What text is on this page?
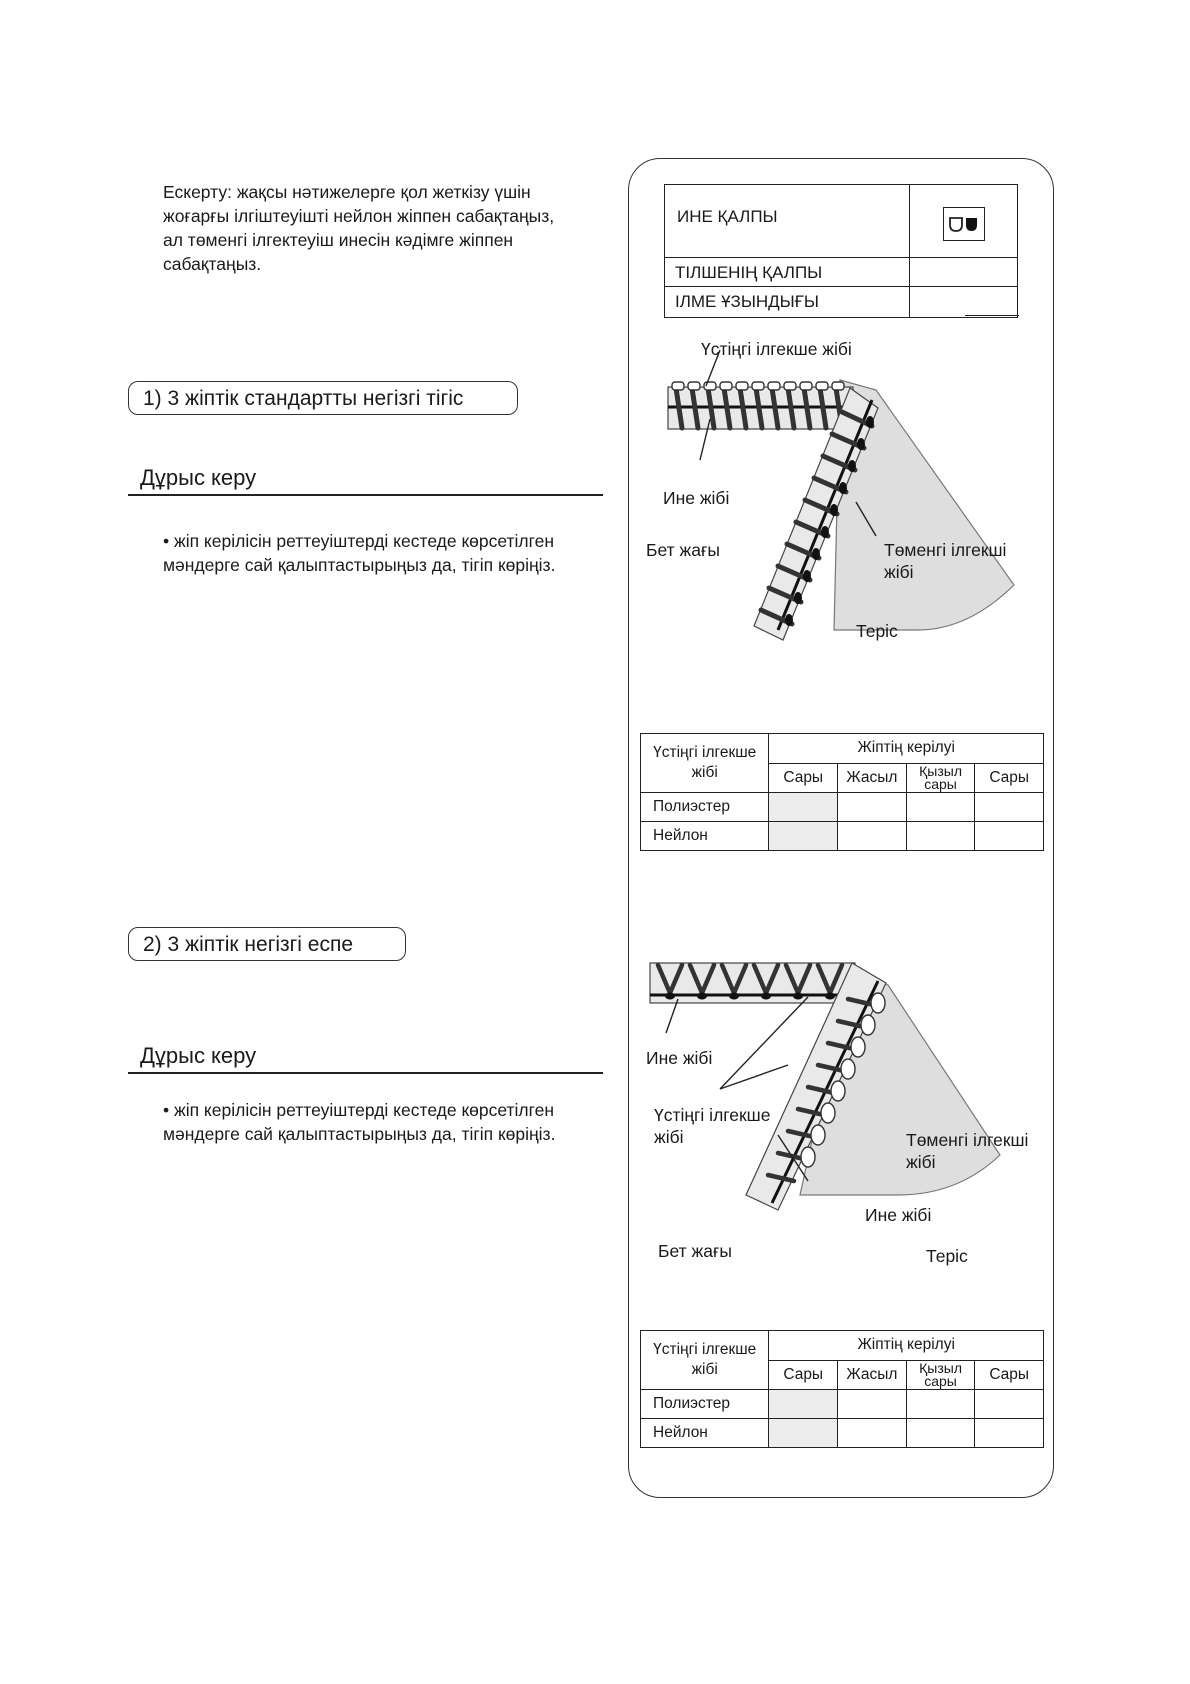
Ескерту: жақсы нәтижелерге қол жеткізу үшін

жоғарғы ілгіштеуішті нейлон жіппен сабақтаңыз,

ал төменгі ілгектеуіш инесін кәдімге жіппен

сабақтаңыз.

1) 3 жіптік стандартты негізгі тігіс
Дұрыс керу
• жіп керілісін реттеуіштерді кестеде көрсетілген
мәндерге сай қалыптастырыңыз да, тігіп көріңіз.
2) 3 жіптік негізгі еспе
Дұрыс керу
• жіп керілісін реттеуіштерді кестеде көрсетілген
мәндерге сай қалыптастырыңыз да, тігіп көріңіз.
ИНЕ ҚАЛПЫ
ТІЛШЕНІҢ ҚАЛПЫ
ІЛМЕ ҰЗЫНДЫҒЫ
Үстіңгі ілгекше жібі
Ине жібі
Бет жағы	Төменгі ілгекші
жібі
Теріс
Үстіңгі ілгекше
жібі	Жіптің керілуі			
	Сары	Жасыл	Қызыл
сары	Сары
Полиэстер				
Нейлон				
Ине жібі
Үстіңгі ілгекше
жібі	Төменгі ілгекші
жібі
Ине жібі
Бет жағы	Теріс
Үстіңгі ілгекше
жібі	Жіптің керілуі			
	Сары	Жасыл	Қызыл
сары	Сары
Полиэстер				
Нейлон				
